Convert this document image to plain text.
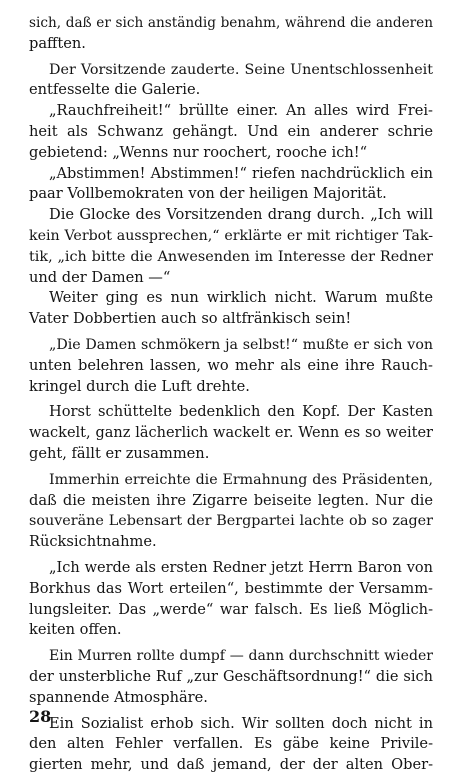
sich, daß er sich anständig benahm, während die anderen
pafften.
Der Vorsitzende zauderte. Seine Unentschlossenheit
entfesselte die Galerie.
„Rauchfreiheit!“ brüllte einer. An alles wird Frei-
heit als Schwanz gehängt. Und ein anderer schrie
gebietend: „Wenns nur roochert, rooche ich!“
„Abstimmen! Abstimmen!“ riefen nachdrücklich ein
paar Vollbemokraten von der heiligen Majorität.
Die Glocke des Vorsitzenden drang durch. „Ich will
kein Verbot aussprechen,“ erklärte er mit richtiger Tak-
tik, „ich bitte die Anwesenden im Interesse der Redner
und der Damen —“
Weiter ging es nun wirklich nicht. Warum mußte
Vater Dobbertien auch so altfränkisch sein!
„Die Damen schmökern ja selbst!“ mußte er sich von
unten belehren lassen, wo mehr als eine ihre Rauch-
kringel durch die Luft drehte.
Horst schüttelte bedenklich den Kopf. Der Kasten
wackelt, ganz lächerlich wackelt er. Wenn es so weiter
geht, fällt er zusammen.
Immerhin erreichte die Ermahnung des Präsidenten,
daß die meisten ihre Zigarre beiseite legten. Nur die
souveräne Lebensart der Bergpartei lachte ob so zager
Rücksichtnahme.
„Ich werde als ersten Redner jetzt Herrn Baron von
Borkhus das Wort erteilen“, bestimmte der Versamm-
lungsleiter. Das „werde“ war falsch. Es ließ Möglich-
keiten offen.
Ein Murren rollte dumpf — dann durchschnitt wieder
der unsterbliche Ruf „zur Geschäftsordnung!“ die sich
spannende Atmosphäre.
Ein Sozialist erhob sich. Wir sollten doch nicht in
den alten Fehler verfallen. Es gäbe keine Privile-
gierten mehr, und daß jemand, der der alten Ober-
28
